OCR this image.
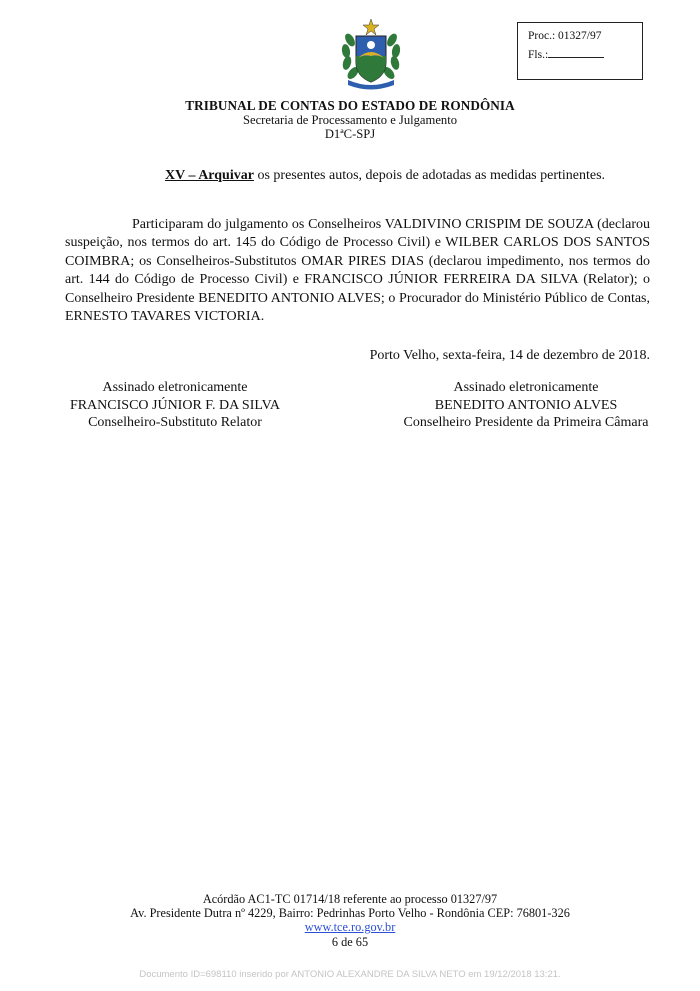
Proc.: 01327/97
Fls.:
TRIBUNAL DE CONTAS DO ESTADO DE RONDÔNIA
Secretaria de Processamento e Julgamento
D1ªC-SPJ
XV – Arquivar os presentes autos, depois de adotadas as medidas pertinentes.
Participaram do julgamento os Conselheiros VALDIVINO CRISPIM DE SOUZA (declarou suspeição, nos termos do art. 145 do Código de Processo Civil) e WILBER CARLOS DOS SANTOS COIMBRA; os Conselheiros-Substitutos OMAR PIRES DIAS (declarou impedimento, nos termos do art. 144 do Código de Processo Civil) e FRANCISCO JÚNIOR FERREIRA DA SILVA (Relator); o Conselheiro Presidente BENEDITO ANTONIO ALVES; o Procurador do Ministério Público de Contas, ERNESTO TAVARES VICTORIA.
Porto Velho, sexta-feira, 14 de dezembro de 2018.
Assinado eletronicamente
FRANCISCO JÚNIOR F. DA SILVA
Conselheiro-Substituto Relator
Assinado eletronicamente
BENEDITO ANTONIO ALVES
Conselheiro Presidente da Primeira Câmara
Acórdão AC1-TC 01714/18 referente ao processo 01327/97
Av. Presidente Dutra nº 4229, Bairro: Pedrinhas Porto Velho - Rondônia CEP: 76801-326
www.tce.ro.gov.br
6 de 65
Documento ID=698110 inserido por ANTONIO ALEXANDRE DA SILVA NETO em 19/12/2018 13:21.
